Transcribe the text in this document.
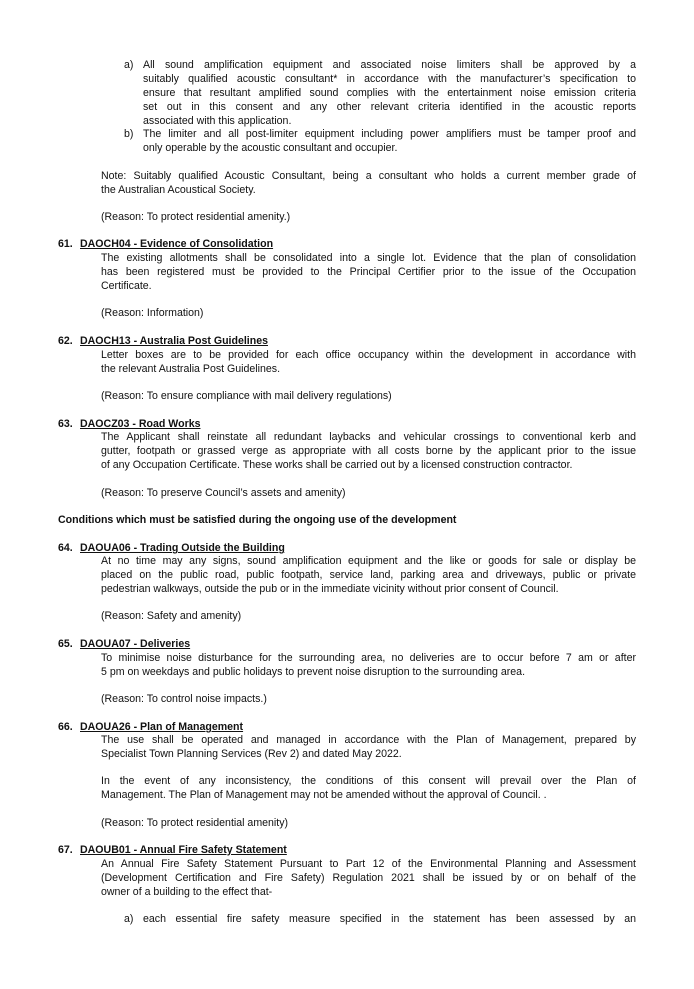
a) All sound amplification equipment and associated noise limiters shall be approved by a
suitably qualified acoustic consultant* in accordance with the manufacturer’s specification to
ensure that resultant amplified sound complies with the entertainment noise emission criteria
set out in this consent and any other relevant criteria identified in the acoustic reports
associated with this application.
b) The limiter and all post-limiter equipment including power amplifiers must be tamper proof and
only operable by the acoustic consultant and occupier.
Note: Suitably qualified Acoustic Consultant, being a consultant who holds a current member grade of
the Australian Acoustical Society.
(Reason: To protect residential amenity.)
61. DAOCH04 - Evidence of Consolidation
The existing allotments shall be consolidated into a single lot. Evidence that the plan of consolidation
has been registered must be provided to the Principal Certifier prior to the issue of the Occupation
Certificate.
(Reason: Information)
62. DAOCH13 - Australia Post Guidelines
Letter boxes are to be provided for each office occupancy within the development in accordance with
the relevant Australia Post Guidelines.
(Reason: To ensure compliance with mail delivery regulations)
63. DAOCZ03 - Road Works
The Applicant shall reinstate all redundant laybacks and vehicular crossings to conventional kerb and
gutter, footpath or grassed verge as appropriate with all costs borne by the applicant prior to the issue
of any Occupation Certificate. These works shall be carried out by a licensed construction contractor.
(Reason: To preserve Council’s assets and amenity)
Conditions which must be satisfied during the ongoing use of the development
64. DAOUA06 - Trading Outside the Building
At no time may any signs, sound amplification equipment and the like or goods for sale or display be
placed on the public road, public footpath, service land, parking area and driveways, public or private
pedestrian walkways, outside the pub or in the immediate vicinity without prior consent of Council.
(Reason: Safety and amenity)
65. DAOUA07 - Deliveries
To minimise noise disturbance for the surrounding area, no deliveries are to occur before 7 am or after
5 pm on weekdays and public holidays to prevent noise disruption to the surrounding area.
(Reason: To control noise impacts.)
66. DAOUA26 - Plan of Management
The use shall be operated and managed in accordance with the Plan of Management, prepared by
Specialist Town Planning Services (Rev 2) and dated May 2022.
In the event of any inconsistency, the conditions of this consent will prevail over the Plan of
Management. The Plan of Management may not be amended without the approval of Council. .
(Reason: To protect residential amenity)
67. DAOUB01 - Annual Fire Safety Statement
An Annual Fire Safety Statement Pursuant to Part 12 of the Environmental Planning and Assessment
(Development Certification and Fire Safety) Regulation 2021 shall be issued by or on behalf of the
owner of a building to the effect that-
a) each essential fire safety measure specified in the statement has been assessed by an
